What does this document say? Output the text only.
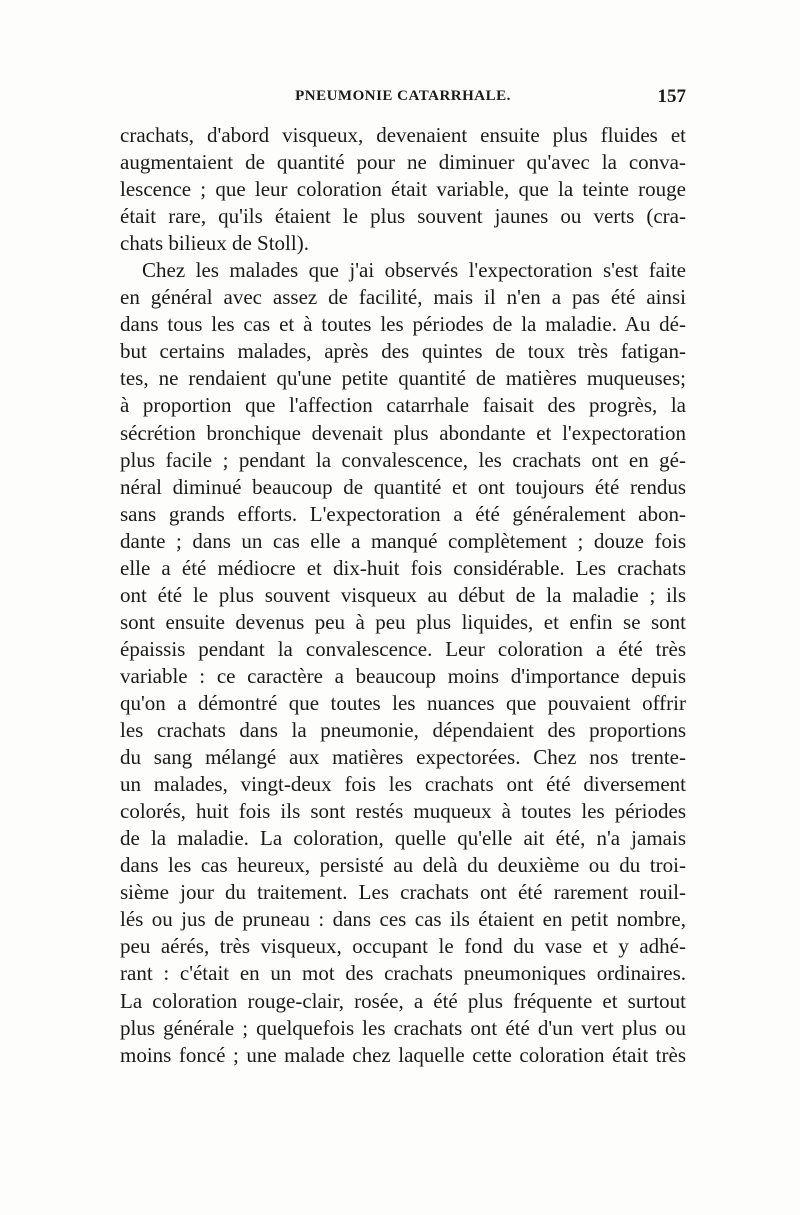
PNEUMONIE CATARRHALE.	157
crachats, d'abord visqueux, devenaient ensuite plus fluides et
augmentaient de quantité pour ne diminuer qu'avec la conva-
lescence ; que leur coloration était variable, que la teinte rouge
était rare, qu'ils étaient le plus souvent jaunes ou verts (cra-
chats bilieux de Stoll).
Chez les malades que j'ai observés l'expectoration s'est faite
en général avec assez de facilité, mais il n'en a pas été ainsi
dans tous les cas et à toutes les périodes de la maladie. Au dé-
but certains malades, après des quintes de toux très fatigan-
tes, ne rendaient qu'une petite quantité de matières muqueuses;
à proportion que l'affection catarrhale faisait des progrès, la
sécrétion bronchique devenait plus abondante et l'expectoration
plus facile ; pendant la convalescence, les crachats ont en gé-
néral diminué beaucoup de quantité et ont toujours été rendus
sans grands efforts. L'expectoration a été généralement abon-
dante ; dans un cas elle a manqué complètement ; douze fois
elle a été médiocre et dix-huit fois considérable. Les crachats
ont été le plus souvent visqueux au début de la maladie ; ils
sont ensuite devenus peu à peu plus liquides, et enfin se sont
épaissis pendant la convalescence. Leur coloration a été très
variable : ce caractère a beaucoup moins d'importance depuis
qu'on a démontré que toutes les nuances que pouvaient offrir
les crachats dans la pneumonie, dépendaient des proportions
du sang mélangé aux matières expectorées. Chez nos trente-
un malades, vingt-deux fois les crachats ont été diversement
colorés, huit fois ils sont restés muqueux à toutes les périodes
de la maladie. La coloration, quelle qu'elle ait été, n'a jamais
dans les cas heureux, persisté au delà du deuxième ou du troi-
sième jour du traitement. Les crachats ont été rarement rouil-
lés ou jus de pruneau : dans ces cas ils étaient en petit nombre,
peu aérés, très visqueux, occupant le fond du vase et y adhé-
rant : c'était en un mot des crachats pneumoniques ordinaires.
La coloration rouge-clair, rosée, a été plus fréquente et surtout
plus générale ; quelquefois les crachats ont été d'un vert plus ou
moins foncé ; une malade chez laquelle cette coloration était très
